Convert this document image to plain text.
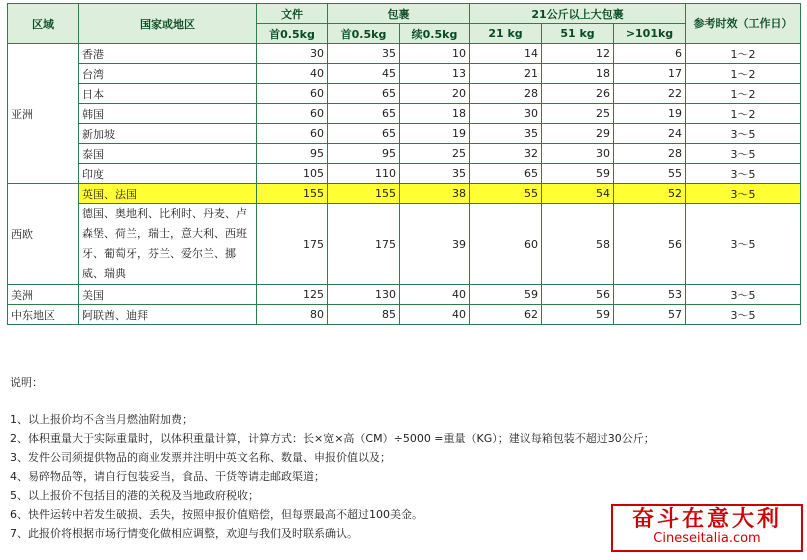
区域	国家或地区	文件	包裹		21公斤以上大包裹			参考时效（工作日）
		首0.5kg	首0.5kg	续0.5kg	21 kg	51 kg	>101kg	
亚洲	香港	30	35	10	14	12	6	1～2
	台湾	40	45	13	21	18	17	1～2
	日本	60	65	20	28	26	22	1～2
	韩国	60	65	18	30	25	19	1～2
	新加坡	60	65	19	35	29	24	3～5
	泰国	95	95	25	32	30	28	3～5
	印度	105	110	35	65	59	55	3～5
西欧	英国、法国	155	155	38	55	54	52	3～5
	德国、奥地利、比利时、丹麦、卢森堡、荷兰，瑞士，意大利、西班牙、葡萄牙，芬兰、爱尔兰、挪威、瑞典	175	175	39	60	58	56	3～5
美洲	美国	125	130	40	59	56	53	3～5
中东地区	阿联酋、迪拜	80	85	40	62	59	57	3～5
说明：
1、以上报价均不含当月燃油附加费；
2、体积重量大于实际重量时，以体积重量计算，计算方式：长×宽×高（CM）÷5000 =重量（KG）；建议每箱包装不超过30公斤；
3、发件公司须提供物品的商业发票并注明中英文名称、数量、申报价值以及；
4、易碎物品等，请自行包装妥当，食品、干货等请走邮政渠道；
5、以上报价不包括目的港的关税及当地政府税收；
6、快件运转中若发生破损、丢失，按照申报价值赔偿，但每票最高不超过100美金。
7、此报价将根据市场行情变化做相应调整，欢迎与我们及时联系确认。
奋斗在意大利
Cineseitalia.com
